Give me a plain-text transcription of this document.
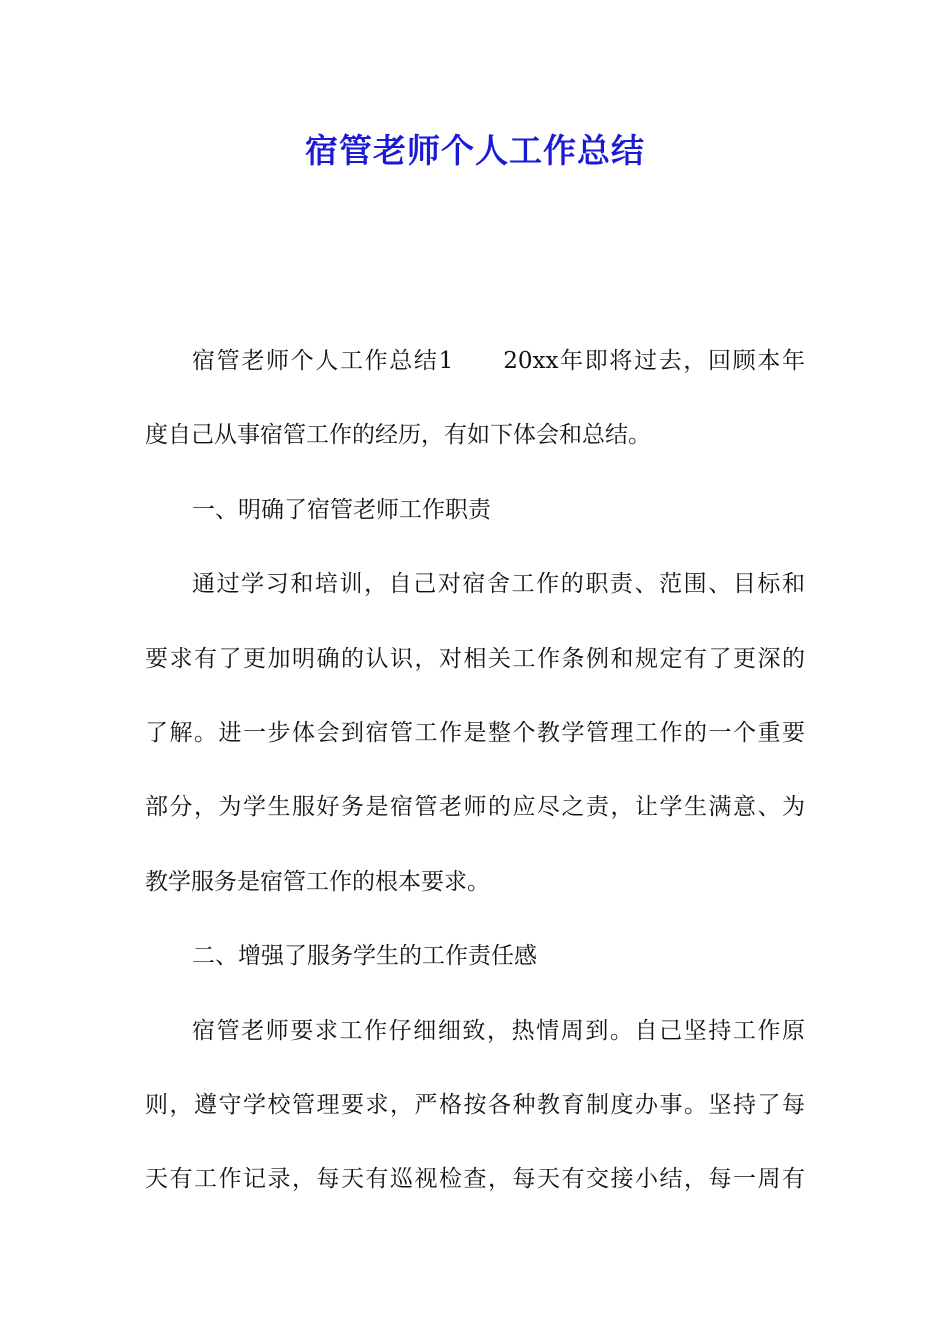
宿管老师个人工作总结

宿管老师个人工作总结1 20xx年即将过去，回顾本年

度自己从事宿管工作的经历，有如下体会和总结。

一、明确了宿管老师工作职责

通过学习和培训，自己对宿舍工作的职责、范围、目标和

要求有了更加明确的认识，对相关工作条例和规定有了更深的

了解。进一步体会到宿管工作是整个教学管理工作的一个重要

部分，为学生服好务是宿管老师的应尽之责，让学生满意、为

教学服务是宿管工作的根本要求。

二、增强了服务学生的工作责任感

宿管老师要求工作仔细细致，热情周到。自己坚持工作原

则，遵守学校管理要求，严格按各种教育制度办事。坚持了每

天有工作记录，每天有巡视检查，每天有交接小结，每一周有
